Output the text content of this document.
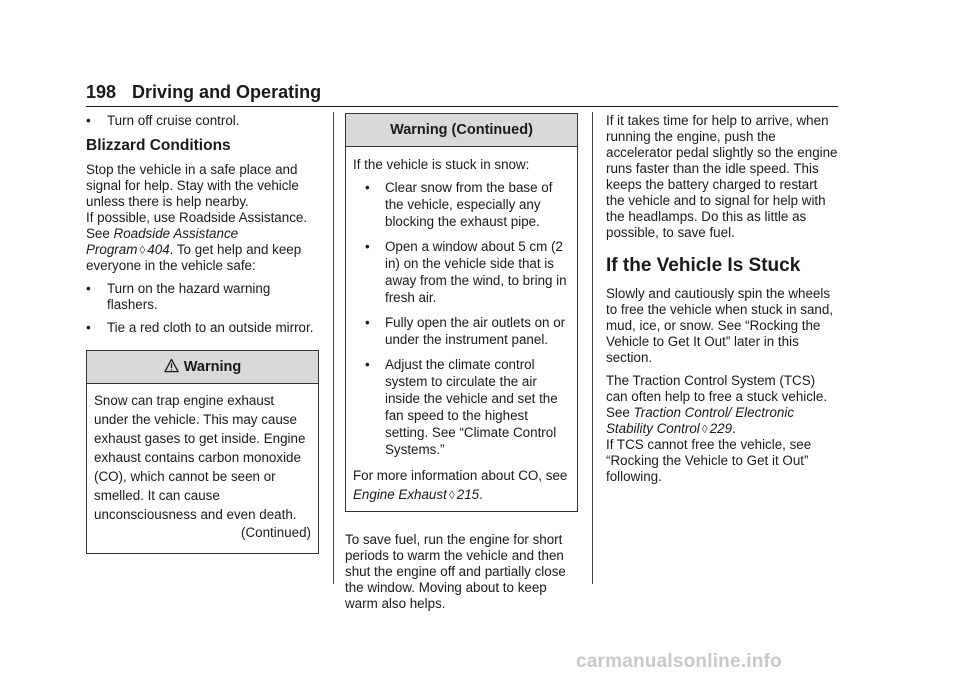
198 Driving and Operating
• Turn off cruise control.
Blizzard Conditions

Stop the vehicle in a safe place and signal for help. Stay with the vehicle unless there is help nearby.

If possible, use Roadside Assistance. See Roadside Assistance Program ◊ 404. To get help and keep everyone in the vehicle safe:

• Turn on the hazard warning flashers.
• Tie a red cloth to an outside mirror.
Warning

Snow can trap engine exhaust under the vehicle. This may cause exhaust gases to get inside. Engine exhaust contains carbon monoxide (CO), which cannot be seen or smelled. It can cause unconsciousness and even death.

(Continued)

Warning (Continued)

If the vehicle is stuck in snow:

• Clear snow from the base of the vehicle, especially any blocking the exhaust pipe.
• Open a window about 5 cm (2 in) on the vehicle side that is away from the wind, to bring in fresh air.
• Fully open the air outlets on or under the instrument panel.
• Adjust the climate control system to circulate the air inside the vehicle and set the fan speed to the highest setting. See “Climate Control Systems.”

For more information about CO, see Engine Exhaust ◊ 215.

To save fuel, run the engine for short periods to warm the vehicle and then shut the engine off and partially close the window. Moving about to keep warm also helps.

If it takes time for help to arrive, when running the engine, push the accelerator pedal slightly so the engine runs faster than the idle speed. This keeps the battery charged to restart the vehicle and to signal for help with the headlamps. Do this as little as possible, to save fuel.

If the Vehicle Is Stuck

Slowly and cautiously spin the wheels to free the vehicle when stuck in sand, mud, ice, or snow. See “Rocking the Vehicle to Get It Out” later in this section.

The Traction Control System (TCS) can often help to free a stuck vehicle. See Traction Control/ Electronic Stability Control ◊ 229.

If TCS cannot free the vehicle, see “Rocking the Vehicle to Get it Out” following.

carmanualsonline.info
